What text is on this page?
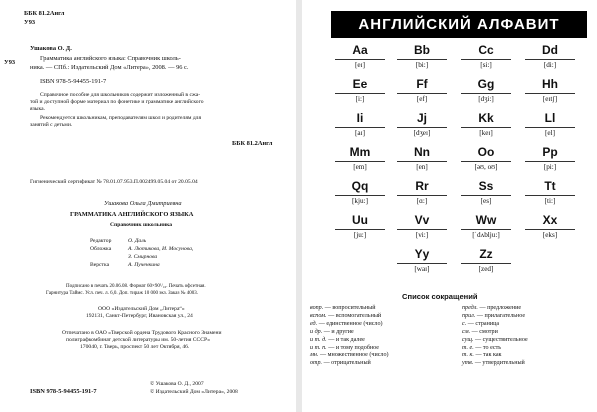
ББК 81.2Англ
У93
У93
Ушакова О. Д.
Грамматика английского языка: Справочник школь-
ника. — СПб.: Издательский Дом «Литера», 2008. — 96 с.
ISBN 978-5-94455-191-7
Справочное пособие для школьников содержит изложенный в сжа-
той и доступной форме материал по фонетике и грамматике английского
языка.
Рекомендуется школьникам, преподавателям школ и родителям для
занятий с детьми.
ББК 81.2Англ
Гигиенический сертификат № 78.01.07.953.П.002499.05.04 от 20.05.04
Ушакова Ольга Дмитриевна
ГРАММАТИКА АНГЛИЙСКОГО ЯЗЫКА
Справочник школьника
Редактор	О. Даль
Обложка	А. Лютикова, И. Мосунова,
З. Смирнова
Верстка	А. Пученкина
Подписано в печать 20.06.08. Формат 60×90¹/₁₆. Печать офсетная.
Гарнитура Таймс. Усл. печ. л. 6,0. Доп. тираж 10 000 экз. Заказ № 4003.
ООО «Издательский Дом „Литера“»
192131, Санкт-Петербург, Ивановская ул., 24
Отпечатано в ОАО «Тверской ордена Трудового Красного Знамени
полиграфкомбинат детской литературы им. 50-летия СССР»
170040, г. Тверь, проспект 50 лет Октября, 46.
ISBN 978-5-94455-191-7
© Ушакова О. Д., 2007
© Издательский Дом «Литера», 2008
АНГЛИЙСКИЙ АЛФАВИТ
Aa
[eɪ]
Bb
[bi:]
Cc
[si:]
Dd
[di:]
Ee
[i:]
Ff
[ef]
Gg
[dʒi:]
Hh
[eɪtʃ]
Ii
[aɪ]
Jj
[dʒeɪ]
Kk
[keɪ]
Ll
[el]
Mm
[em]
Nn
[en]
Oo
[əʊ, oʊ]
Pp
[pi:]
Qq
[kju:]
Rr
[ɑ:]
Ss
[es]
Tt
[ti:]
Uu
[ju:]
Vv
[vi:]
Ww
[ˈdʌblju:]
Xx
[eks]
Yy
[waɪ]
Zz
[zed]
Список сокращений
вопр. — вопросительный
вспом. — вспомогательный
ед. — единственное (число)
и др. — и другие
и т. д. — и так далее
и т. п. — и тому подобное
мн. — множественное (число)
отр. — отрицательный
предл. — предложение
прил. — прилагательное
с. — страница
см. — смотри
сущ. — существительное
т. е. — то есть
т. к. — так как
утв. — утвердительный
